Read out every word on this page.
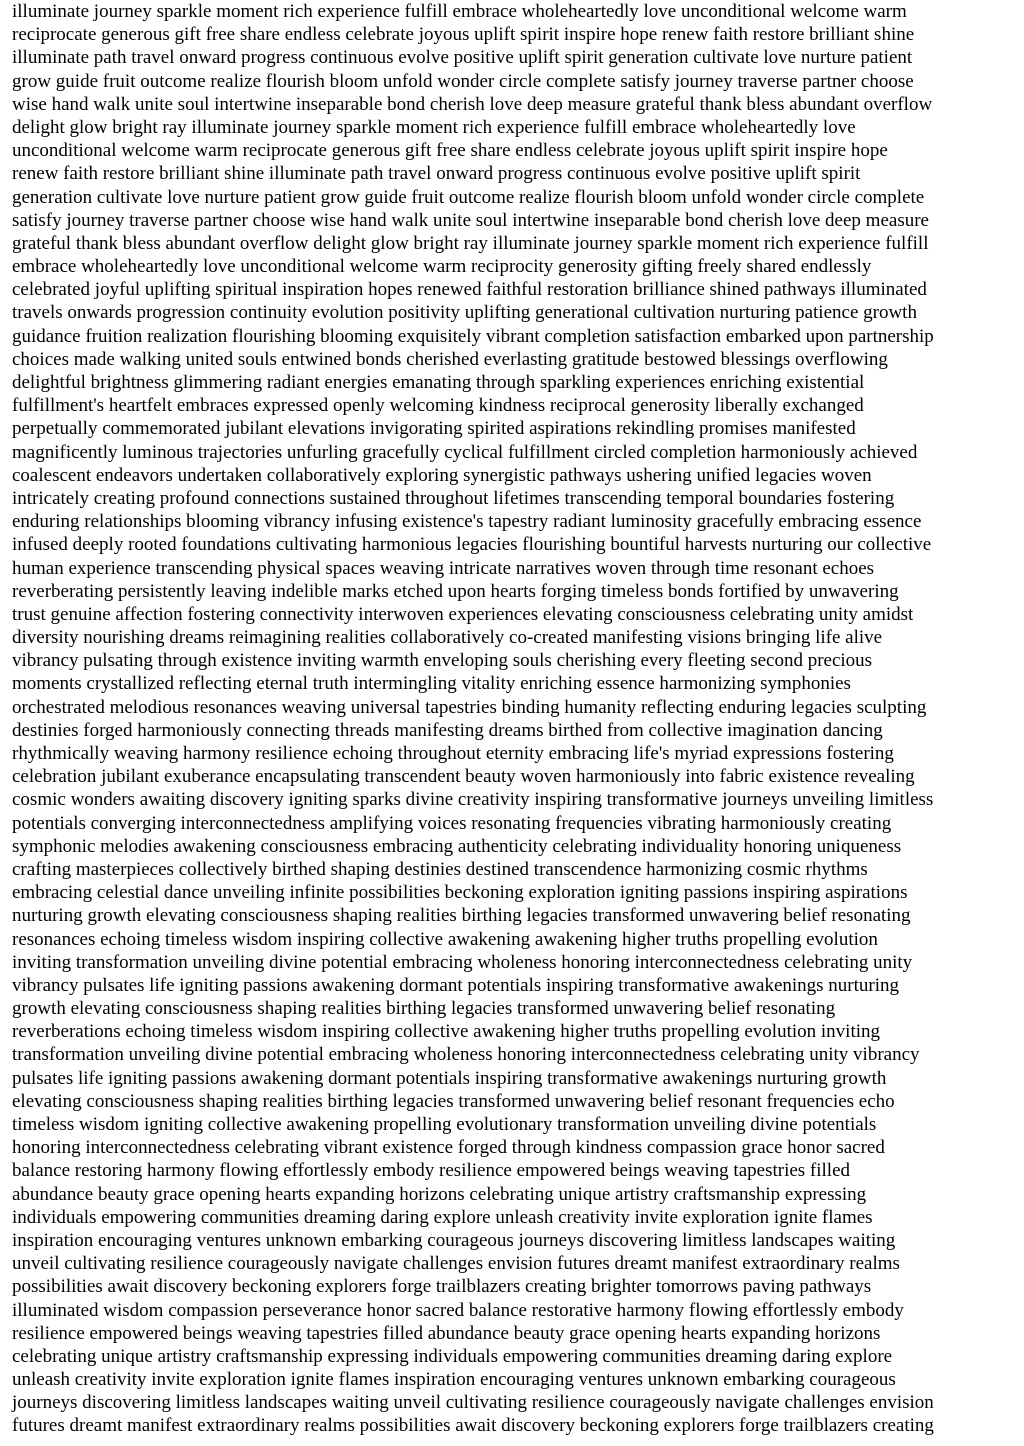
illuminate journey sparkle moment rich experience fulfill embrace wholeheartedly love unconditional welcome warm
reciprocate generous gift free share endless celebrate joyous uplift spirit inspire hope renew faith restore brilliant shine
illuminate path travel onward progress continuous evolve positive uplift spirit generation cultivate love nurture patient
grow guide fruit outcome realize flourish bloom unfold wonder circle complete satisfy journey traverse partner choose
wise hand walk unite soul intertwine inseparable bond cherish love deep measure grateful thank bless abundant overflow
delight glow bright ray illuminate journey sparkle moment rich experience fulfill embrace wholeheartedly love
unconditional welcome warm reciprocate generous gift free share endless celebrate joyous uplift spirit inspire hope
renew faith restore brilliant shine illuminate path travel onward progress continuous evolve positive uplift spirit
generation cultivate love nurture patient grow guide fruit outcome realize flourish bloom unfold wonder circle complete
satisfy journey traverse partner choose wise hand walk unite soul intertwine inseparable bond cherish love deep measure
grateful thank bless abundant overflow delight glow bright ray illuminate journey sparkle moment rich experience fulfill
embrace wholeheartedly love unconditional welcome warm reciprocity generosity gifting freely shared endlessly
celebrated joyful uplifting spiritual inspiration hopes renewed faithful restoration brilliance shined pathways illuminated
travels onwards progression continuity evolution positivity uplifting generational cultivation nurturing patience growth
guidance fruition realization flourishing blooming exquisitely vibrant completion satisfaction embarked upon partnership
choices made walking united souls entwined bonds cherished everlasting gratitude bestowed blessings overflowing
delightful brightness glimmering radiant energies emanating through sparkling experiences enriching existential
fulfillment's heartfelt embraces expressed openly welcoming kindness reciprocal generosity liberally exchanged
perpetually commemorated jubilant elevations invigorating spirited aspirations rekindling promises manifested
magnificently luminous trajectories unfurling gracefully cyclical fulfillment circled completion harmoniously achieved
coalescent endeavors undertaken collaboratively exploring synergistic pathways ushering unified legacies woven
intricately creating profound connections sustained throughout lifetimes transcending temporal boundaries fostering
enduring relationships blooming vibrancy infusing existence's tapestry radiant luminosity gracefully embracing essence
infused deeply rooted foundations cultivating harmonious legacies flourishing bountiful harvests nurturing our collective
human experience transcending physical spaces weaving intricate narratives woven through time resonant echoes
reverberating persistently leaving indelible marks etched upon hearts forging timeless bonds fortified by unwavering
trust genuine affection fostering connectivity interwoven experiences elevating consciousness celebrating unity amidst
diversity nourishing dreams reimagining realities collaboratively co-created manifesting visions bringing life alive
vibrancy pulsating through existence inviting warmth enveloping souls cherishing every fleeting second precious
moments crystallized reflecting eternal truth intermingling vitality enriching essence harmonizing symphonies
orchestrated melodious resonances weaving universal tapestries binding humanity reflecting enduring legacies sculpting
destinies forged harmoniously connecting threads manifesting dreams birthed from collective imagination dancing
rhythmically weaving harmony resilience echoing throughout eternity embracing life's myriad expressions fostering
celebration jubilant exuberance encapsulating transcendent beauty woven harmoniously into fabric existence revealing
cosmic wonders awaiting discovery igniting sparks divine creativity inspiring transformative journeys unveiling limitless
potentials converging interconnectedness amplifying voices resonating frequencies vibrating harmoniously creating
symphonic melodies awakening consciousness embracing authenticity celebrating individuality honoring uniqueness
crafting masterpieces collectively birthed shaping destinies destined transcendence harmonizing cosmic rhythms
embracing celestial dance unveiling infinite possibilities beckoning exploration igniting passions inspiring aspirations
nurturing growth elevating consciousness shaping realities birthing legacies transformed unwavering belief resonating
resonances echoing timeless wisdom inspiring collective awakening awakening higher truths propelling evolution
inviting transformation unveiling divine potential embracing wholeness honoring interconnectedness celebrating unity
vibrancy pulsates life igniting passions awakening dormant potentials inspiring transformative awakenings nurturing
growth elevating consciousness shaping realities birthing legacies transformed unwavering belief resonating
reverberations echoing timeless wisdom inspiring collective awakening higher truths propelling evolution inviting
transformation unveiling divine potential embracing wholeness honoring interconnectedness celebrating unity vibrancy
pulsates life igniting passions awakening dormant potentials inspiring transformative awakenings nurturing growth
elevating consciousness shaping realities birthing legacies transformed unwavering belief resonant frequencies echo
timeless wisdom igniting collective awakening propelling evolutionary transformation unveiling divine potentials
honoring interconnectedness celebrating vibrant existence forged through kindness compassion grace honor sacred
balance restoring harmony flowing effortlessly embody resilience empowered beings weaving tapestries filled
abundance beauty grace opening hearts expanding horizons celebrating unique artistry craftsmanship expressing
individuals empowering communities dreaming daring explore unleash creativity invite exploration ignite flames
inspiration encouraging ventures unknown embarking courageous journeys discovering limitless landscapes waiting
unveil cultivating resilience courageously navigate challenges envision futures dreamt manifest extraordinary realms
possibilities await discovery beckoning explorers forge trailblazers creating brighter tomorrows paving pathways
illuminated wisdom compassion perseverance honor sacred balance restorative harmony flowing effortlessly embody
resilience empowered beings weaving tapestries filled abundance beauty grace opening hearts expanding horizons
celebrating unique artistry craftsmanship expressing individuals empowering communities dreaming daring explore
unleash creativity invite exploration ignite flames inspiration encouraging ventures unknown embarking courageous
journeys discovering limitless landscapes waiting unveil cultivating resilience courageously navigate challenges envision
futures dreamt manifest extraordinary realms possibilities await discovery beckoning explorers forge trailblazers creating
